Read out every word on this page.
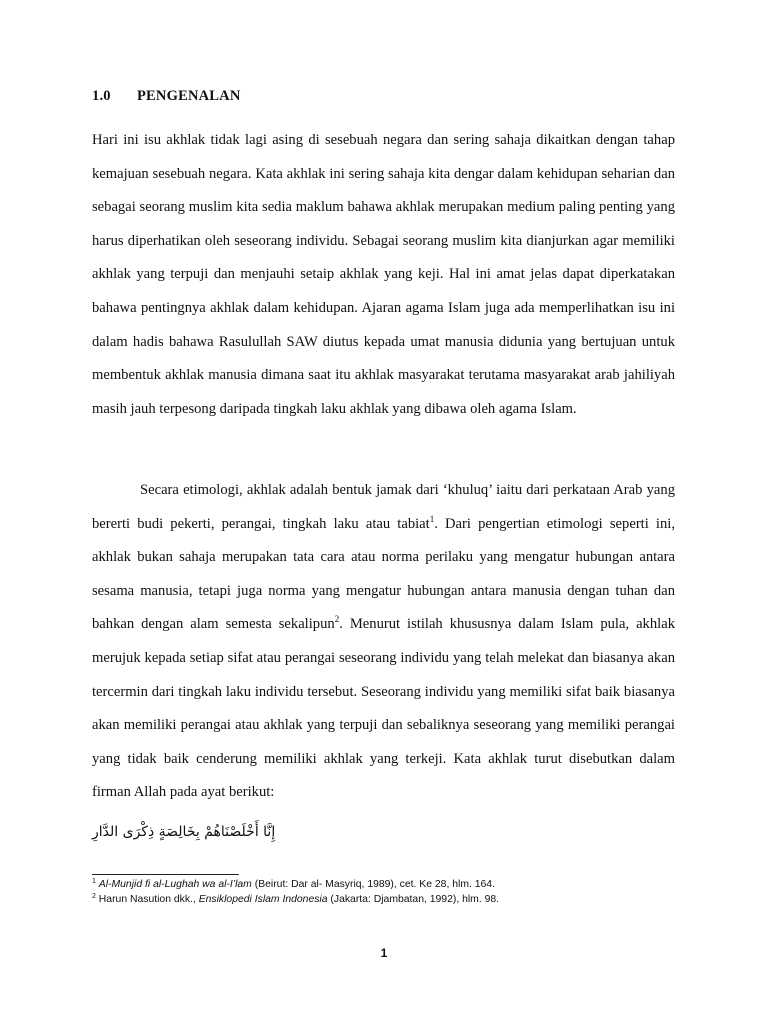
1.0 PENGENALAN

Hari ini isu akhlak tidak lagi asing di sesebuah negara dan sering sahaja dikaitkan dengan tahap kemajuan sesebuah negara. Kata akhlak ini sering sahaja kita dengar dalam kehidupan seharian dan sebagai seorang muslim kita sedia maklum bahawa akhlak merupakan medium paling penting yang harus diperhatikan oleh seseorang individu. Sebagai seorang muslim kita dianjurkan agar memiliki akhlak yang terpuji dan menjauhi setaip akhlak yang keji. Hal ini amat jelas dapat diperkatakan bahawa pentingnya akhlak dalam kehidupan. Ajaran agama Islam juga ada memperlihatkan isu ini dalam hadis bahawa Rasulullah SAW diutus kepada umat manusia didunia yang bertujuan untuk membentuk akhlak manusia dimana saat itu akhlak masyarakat terutama masyarakat arab jahiliyah masih jauh terpesong daripada tingkah laku akhlak yang dibawa oleh agama Islam.

Secara etimologi, akhlak adalah bentuk jamak dari ‘khuluq’ iaitu dari perkataan Arab yang bererti budi pekerti, perangai, tingkah laku atau tabiat$^1$. Dari pengertian etimologi seperti ini, akhlak bukan sahaja merupakan tata cara atau norma perilaku yang mengatur hubungan antara sesama manusia, tetapi juga norma yang mengatur hubungan antara manusia dengan tuhan dan bahkan dengan alam semesta sekalipun$^2$. Menurut istilah khususnya dalam Islam pula, akhlak merujuk kepada setiap sifat atau perangai seseorang individu yang telah melekat dan biasanya akan tercermin dari tingkah laku individu tersebut. Seseorang individu yang memiliki sifat baik biasanya akan memiliki perangai atau akhlak yang terpuji dan sebaliknya seseorang yang memiliki perangai yang tidak baik cenderung memiliki akhlak yang terkeji. Kata akhlak turut disebutkan dalam firman Allah pada ayat berikut:

إِنَّا أَخْلَصْنَاهُمْ بِخَالِصَةٍ ذِكْرَى الدَّارِ
$^1$ Al-Munjid fi al-Lughah wa al-I’lam (Beirut: Dar al- Masyriq, 1989), cet. Ke 28, hlm. 164.
$^2$ Harun Nasution dkk., Ensiklopedi Islam Indonesia (Jakarta: Djambatan, 1992), hlm. 98.
1
